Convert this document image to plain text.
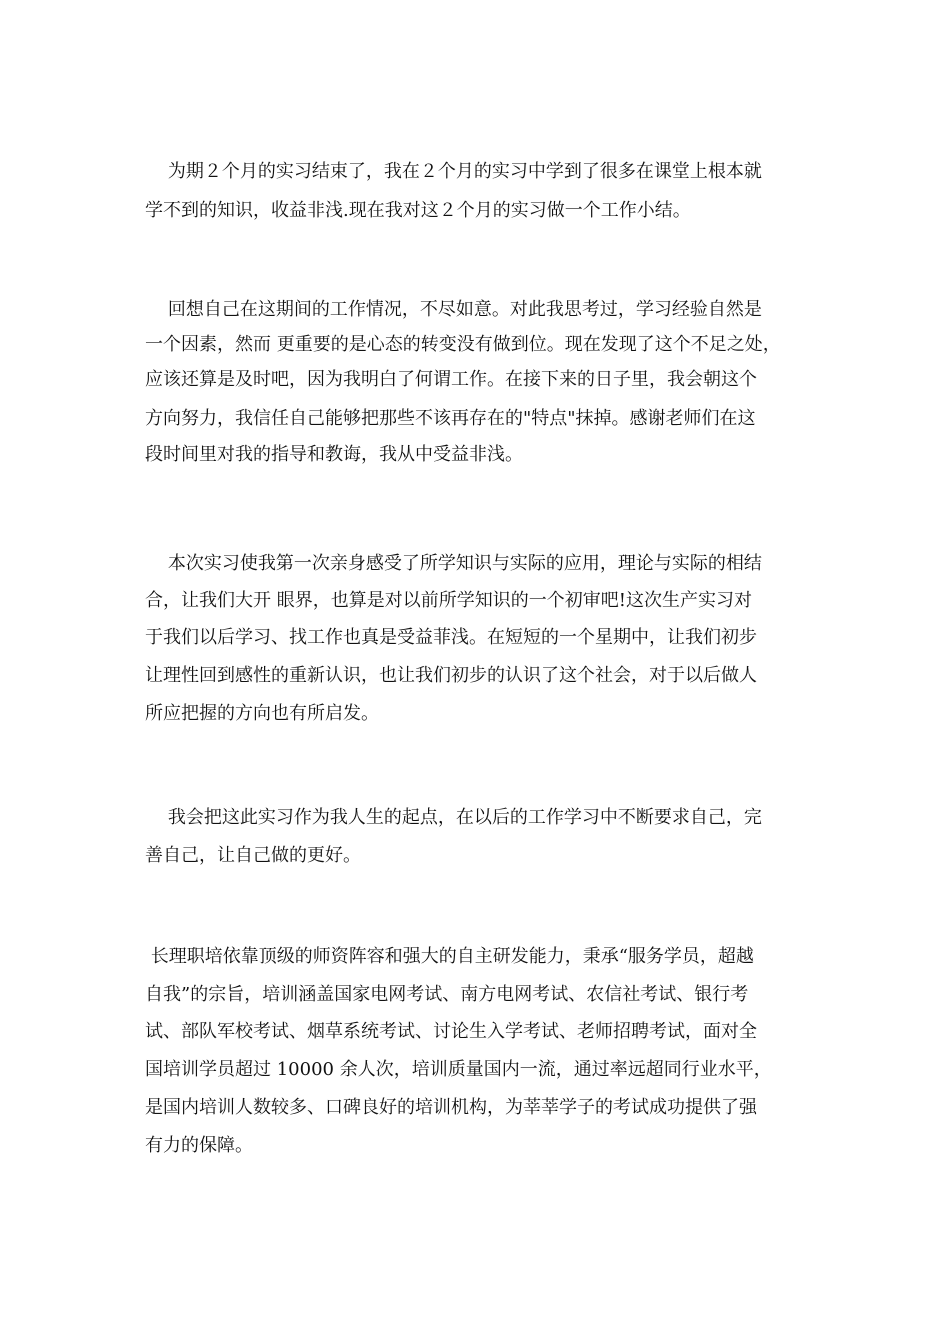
为期２个月的实习结束了，我在２个月的实习中学到了很多在课堂上根本就

学不到的知识，收益非浅.现在我对这２个月的实习做一个工作小结。

回想自己在这期间的工作情况，不尽如意。对此我思考过，学习经验自然是

一个因素，然而 更重要的是心态的转变没有做到位。现在发现了这个不足之处，

应该还算是及时吧，因为我明白了何谓工作。在接下来的日子里，我会朝这个

方向努力，我信任自己能够把那些不该再存在的"特点"抹掉。感谢老师们在这

段时间里对我的指导和教诲，我从中受益非浅。

本次实习使我第一次亲身感受了所学知识与实际的应用，理论与实际的相结

合，让我们大开 眼界，也算是对以前所学知识的一个初审吧!这次生产实习对

于我们以后学习、找工作也真是受益菲浅。在短短的一个星期中，让我们初步

让理性回到感性的重新认识，也让我们初步的认识了这个社会，对于以后做人

所应把握的方向也有所启发。

我会把这此实习作为我人生的起点，在以后的工作学习中不断要求自己，完

善自己，让自己做的更好。

长理职培依靠顶级的师资阵容和强大的自主研发能力，秉承“服务学员，超越

自我”的宗旨，培训涵盖国家电网考试、南方电网考试、农信社考试、银行考

试、部队军校考试、烟草系统考试、讨论生入学考试、老师招聘考试，面对全

国培训学员超过 10000 余人次，培训质量国内一流，通过率远超同行业水平，

是国内培训人数较多、口碑良好的培训机构，为莘莘学子的考试成功提供了强

有力的保障。
